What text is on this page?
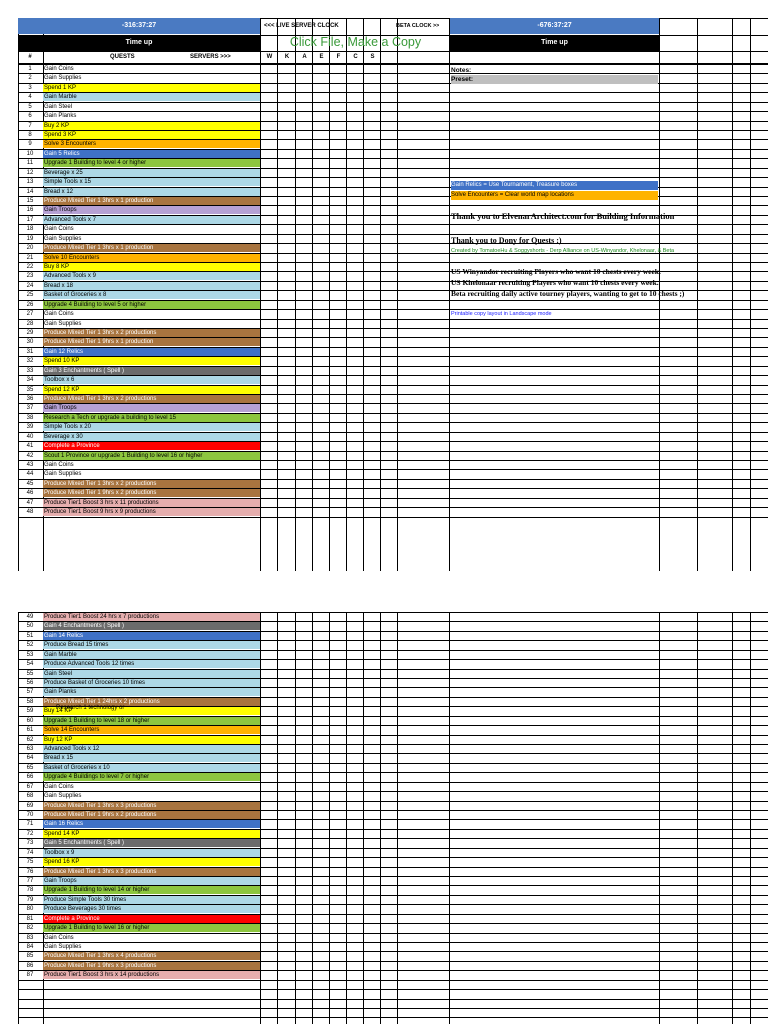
-316:37:27	<<< LIVE SERVER CLOCK	BETA CLOCK >>	-676:37:27
Time up	Click File, Make a Copy	Time up
#	QUESTS	SERVERS >>>	W	K	A	E	F	C	S
1	Gain Coins
2	Gain Supplies
3	Spend 1 KP
4	Gain Marble
5	Gain Steel
6	Gain Planks
7	Buy 2 KP
8	Spend 3 KP
9	Solve 3 Encounters
10	Gain 5 Relics
11	Upgrade 1 Building to level 4 or higher
12	Beverage x 25
13	Simple Tools x 15
14	Bread x 12
15	Produce Mixed Tier 1 3hrs x 1 production
16	Gain Troops
17	Advanced Tools x 7
18	Gain Coins
19	Gain Supplies
20	Produce Mixed Tier 1 3hrs x 1 production
21	Solve 10 Encounters
22	Buy 8 KP
23	Advanced Tools x 9
24	Bread x 18
25	Basket of Groceries x 8
26	Upgrade 4 Building to level 5 or higher
27	Gain Coins
28	Gain Supplies
29	Produce Mixed Tier 1 3hrs x 2 productions
30	Produce Mixed Tier 1 9hrs x 1 production
31	Gain 12 Relics
32	Spend 10 KP
33	Gain 3 Enchantments ( Spell )
34	Toolbox x 6
35	Spend 12 KP
36	Produce Mixed Tier 1 3hrs x 2 productions
37	Gain Troops
38	Research a Tech or upgrade a building to level 15
39	Simple Tools x 20
40	Beverage x 30
41	Complete a Province
42	Scout 1 Province or upgrade 1 Building to level 16 or higher
43	Gain Coins
44	Gain Supplies
45	Produce Mixed Tier 1 3hrs x 2 productions
46	Produce Mixed Tier 1 9hrs x 2 productions
47	Produce Tier1 Boost 3 hrs x 11 productions
48	Produce Tier1 Boost 9 hrs x 9 productions
49	Produce Tier1 Boost 24 hrs x 7 productions
50	Gain 4 Enchantments ( Spell )
51	Gain 14 Relics
52	Produce Bread 15 times
53	Gain Marble
54	Produce Advanced Tools 12 times
55	Gain Steel
56	Produce Basket of Groceries 10 times
57	Gain Planks
58	Produce Mixed Tier 1 24hrs x 2 productions
59	Buy 14 KP
Research 1 technology or
60	Upgrade 1 Building to level 18 or higher
61	Solve 14 Encounters
62	Buy 12 KP
63	Advanced Tools x 12
64	Bread x 15
65	Basket of Groceries x 10
66	Upgrade 4 Buildings to level 7 or higher
67	Gain Coins
68	Gain Supplies
69	Produce Mixed Tier 1 3hrs x 3 productions
70	Produce Mixed Tier 1 9hrs x 2 productions
71	Gain 16 Relics
72	Spend 14 KP
73	Gain 5 Enchantments ( Spell )
74	Toolbox x 9
75	Spend 16 KP
76	Produce Mixed Tier 1 3hrs x 3 productions
77	Gain Troops
78	Upgrade 1 Building to level 14 or higher
79	Produce Simple Tools 30 times
80	Produce Beverages 30 times
81	Complete a Province
82	Upgrade 1 Building to level 16 or higher
83	Gain Coins
84	Gain Supplies
85	Produce Mixed Tier 1 3hrs x 4 productions
86	Produce Mixed Tier 1 9hrs x 3 productions
87	Produce Tier1 Boost 3 hrs x 14 productions
Notes:
Preset:
Gain Relics = Use Tournament, Treasure boxes
Solve Encounters = Clear world map locations
Thank you to ElvenarArchitect.com for Building Information
Thank you to Dony for Quests :)
Created by TomatoeHu & Soggyshorts - Derp Alliance on US-Winyandor, Khelonaar, & Beta
US Winyandor recruiting Players who want 10 chests every week.
US Khelonaar recruiting Players who want 10 chests every week.
Beta recruiting daily active tourney players, wanting to get to 10 chests ;)
Printable copy layout in Landscape mode
